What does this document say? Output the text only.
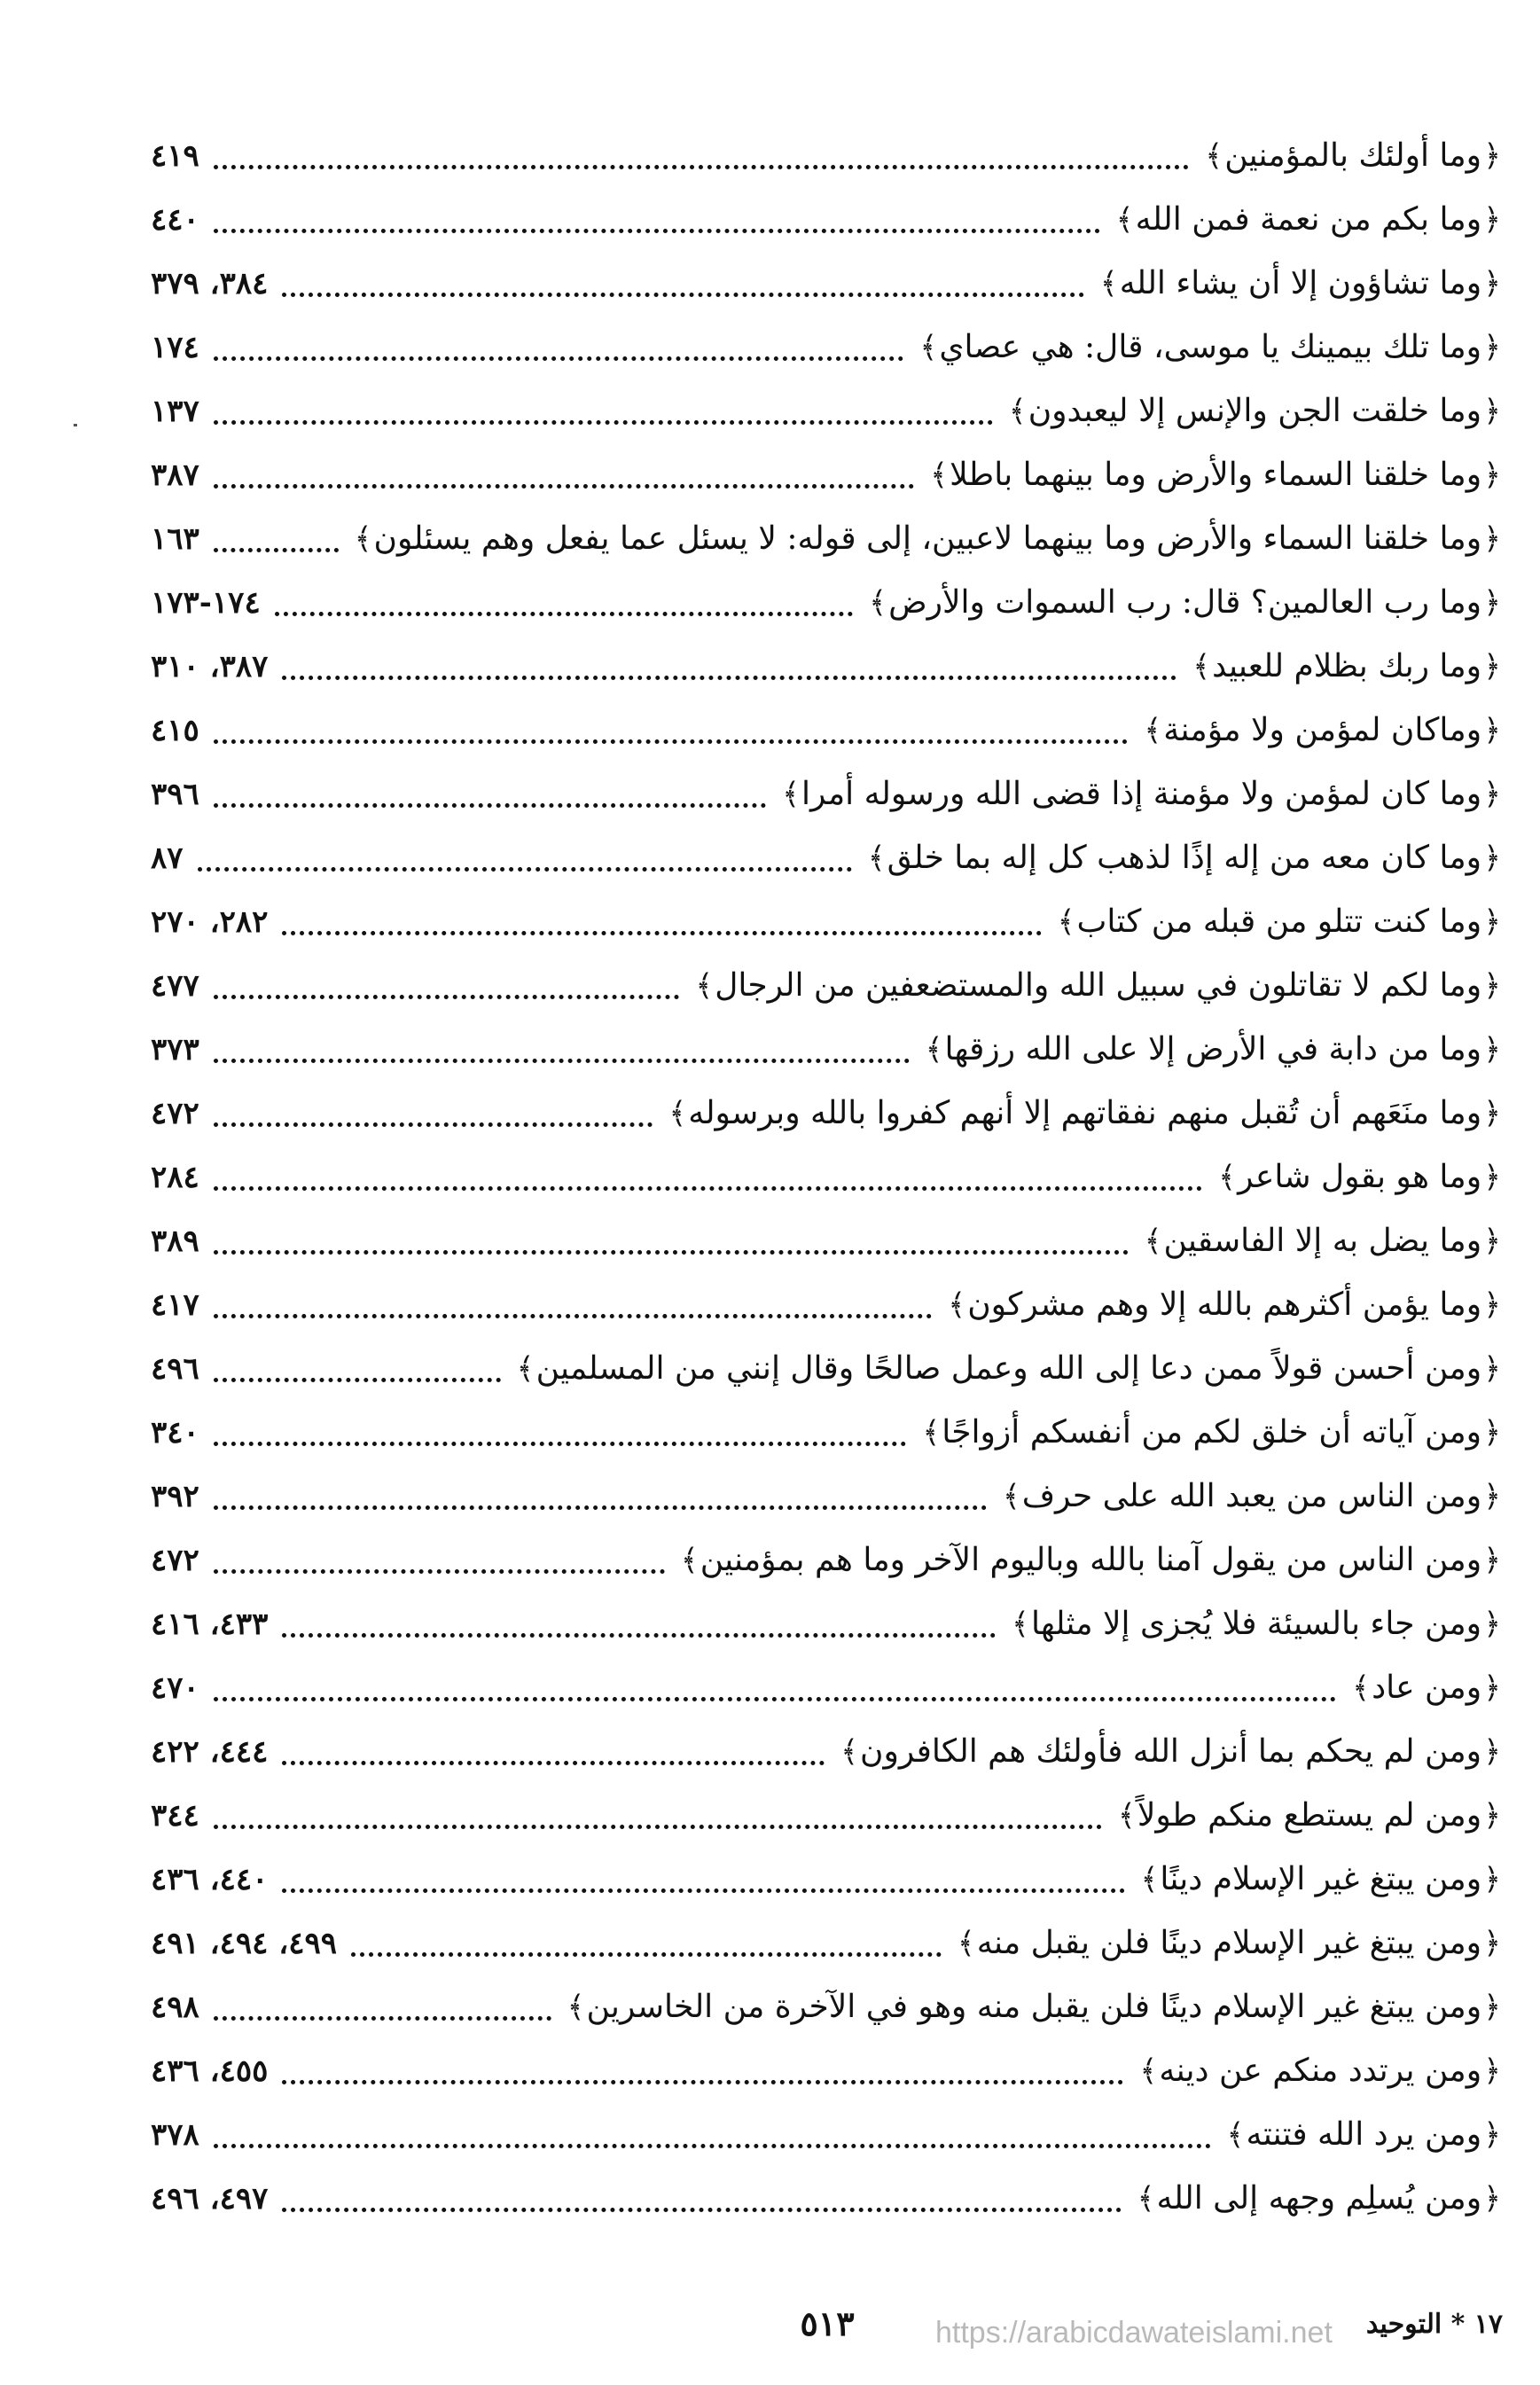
﴿وما أولئك بالمؤمنين﴾
٤١٩
﴿وما بكم من نعمة فمن الله﴾
٤٤٠
﴿وما تشاؤون إلا أن يشاء الله﴾
٣٨٤، ٣٧٩
﴿وما تلك بيمينك يا موسى، قال: هي عصاي﴾
١٧٤
﴿وما خلقت الجن والإنس إلا ليعبدون﴾
١٣٧
﴿وما خلقنا السماء والأرض وما بينهما باطلا﴾
٣٨٧
﴿وما خلقنا السماء والأرض وما بينهما لاعبين، إلى قوله: لا يسئل عما يفعل وهم يسئلون﴾
١٦٣
﴿وما رب العالمين؟ قال: رب السموات والأرض﴾
١٧٤-١٧٣
﴿وما ربك بظلام للعبيد﴾
٣٨٧، ٣١٠
﴿وماكان لمؤمن ولا مؤمنة﴾
٤١٥
﴿وما كان لمؤمن ولا مؤمنة إذا قضى الله ورسوله أمرا﴾
٣٩٦
﴿وما كان معه من إله إذًا لذهب كل إله بما خلق﴾
٨٧
﴿وما كنت تتلو من قبله من كتاب﴾
٢٨٢، ٢٧٠
﴿وما لكم لا تقاتلون في سبيل الله والمستضعفين من الرجال﴾
٤٧٧
﴿وما من دابة في الأرض إلا على الله رزقها﴾
٣٧٣
﴿وما منَعَهم أن تُقبل منهم نفقاتهم إلا أنهم كفروا بالله وبرسوله﴾
٤٧٢
﴿وما هو بقول شاعر﴾
٢٨٤
﴿وما يضل به إلا الفاسقين﴾
٣٨٩
﴿وما يؤمن أكثرهم بالله إلا وهم مشركون﴾
٤١٧
﴿ومن أحسن قولاً ممن دعا إلى الله وعمل صالحًا وقال إنني من المسلمين﴾
٤٩٦
﴿ومن آياته أن خلق لكم من أنفسكم أزواجًا﴾
٣٤٠
﴿ومن الناس من يعبد الله على حرف﴾
٣٩٢
﴿ومن الناس من يقول آمنا بالله وباليوم الآخر وما هم بمؤمنين﴾
٤٧٢
﴿ومن جاء بالسيئة فلا يُجزى إلا مثلها﴾
٤٣٣، ٤١٦
﴿ومن عاد﴾
٤٧٠
﴿ومن لم يحكم بما أنزل الله فأولئك هم الكافرون﴾
٤٤٤، ٤٢٢
﴿ومن لم يستطع منكم طولاً﴾
٣٤٤
﴿ومن يبتغ غير الإسلام دينًا﴾
٤٤٠، ٤٣٦
﴿ومن يبتغ غير الإسلام دينًا فلن يقبل منه﴾
٤٩٩، ٤٩٤، ٤٩١
﴿ومن يبتغ غير الإسلام دينًا فلن يقبل منه وهو في الآخرة من الخاسرين﴾
٤٩٨
﴿ومن يرتدد منكم عن دينه﴾
٤٥٥، ٤٣٦
﴿ومن يرد الله فتنته﴾
٣٧٨
﴿ومن يُسلِم وجهه إلى الله﴾
٤٩٧، ٤٩٦
٥١٣	١٧ * التوحيد
https://arabicdawateislami.net
